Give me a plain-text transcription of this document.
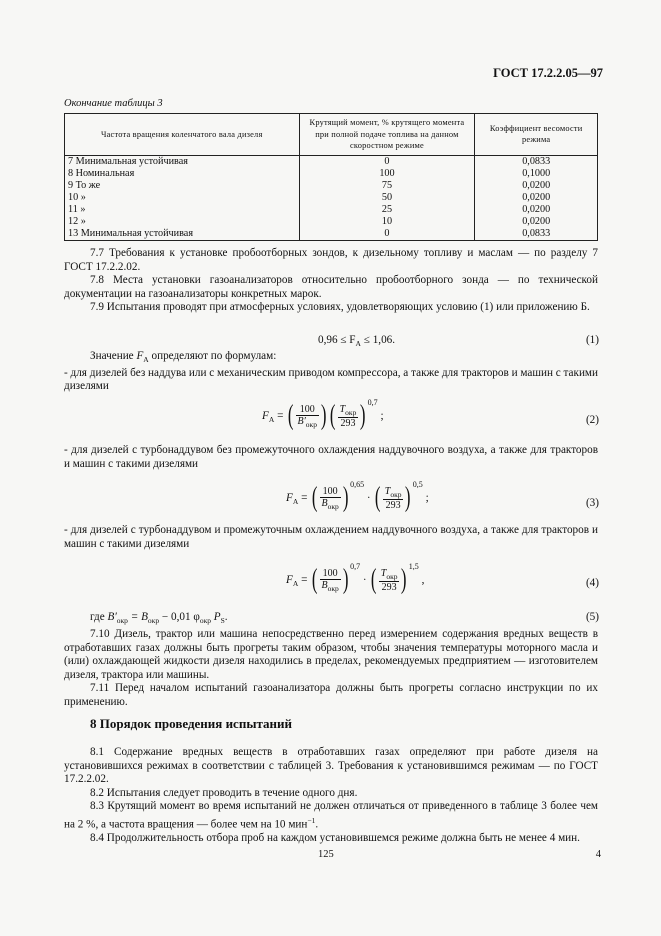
ГОСТ 17.2.2.05—97
Окончание таблицы 3
Частота вращения коленчатого вала дизеля	Крутящий момент, % крутящего момента при полной подаче топлива на данном скоростном режиме	Коэффициент весомости режима
7 Минимальная устойчивая	0	0,0833
8 Номинальная	100	0,1000
9 То же	75	0,0200
10 »	50	0,0200
11 »	25	0,0200
12 »	10	0,0200
13 Минимальная устойчивая	0	0,0833

7.7 Требования к установке пробоотборных зондов, к дизельному топливу и маслам — по разделу 7 ГОСТ 17.2.2.02.

7.8 Места установки газоанализаторов относительно пробоотборного зонда — по технической документации на газоанализаторы конкретных марок.

7.9 Испытания проводят при атмосферных условиях, удовлетворяющих условию (1) или приложению Б.

$0,96 \le F_A \le 1,06$.	(1)

Значение $F_A$ определяют по формулам:

- для дизелей без наддува или с механическим приводом компрессора, а также для тракторов и машин с такими дизелями

$F_A$ = ( $\frac{100}{B'_{окр}}$ ) ( $\frac{T_{окр}}{293}$ ) $^{0,7}$ ;	(2)

- для дизелей с турбонаддувом без промежуточного охлаждения наддувочного воздуха, а также для тракторов и машин с такими дизелями

$F_A$ = ( $\frac{100}{B_{окр}}$ ) $^{0,65}$ · ( $\frac{T_{окр}}{293}$ ) $^{0,5}$ ;	(3)

- для дизелей с турбонаддувом и промежуточным охлаждением наддувочного воздуха, а также для тракторов и машин с такими дизелями

$F_A$ = ( $\frac{100}{B_{окр}}$ ) $^{0,7}$ · ( $\frac{T_{окр}}{293}$ ) $^{1,5}$ ,	(4)
где $B'_{окр} = B_{окр} - 0,01$ $\varphi_{окр}$ $P_S$.	(5)

7.10 Дизель, трактор или машина непосредственно перед измерением содержания вредных веществ в отработавших газах должны быть прогреты таким образом, чтобы значения температуры моторного масла и (или) охлаждающей жидкости дизеля находились в пределах, рекомендуемых предприятием — изготовителем дизеля, трактора или машины.

7.11 Перед началом испытаний газоанализатора должны быть прогреты согласно инструкции по их применению.

8 Порядок проведения испытаний

8.1 Содержание вредных веществ в отработавших газах определяют при работе дизеля на установившихся режимах в соответствии с таблицей 3. Требования к установившимся режимам — по ГОСТ 17.2.2.02.

8.2 Испытания следует проводить в течение одного дня.

8.3 Крутящий момент во время испытаний не должен отличаться от приведенного в таблице 3 более чем на 2 %, а частота вращения — более чем на 10 мин$^{-1}$.

8.4 Продолжительность отбора проб на каждом установившемся режиме должна быть не менее 4 мин.

125	4
